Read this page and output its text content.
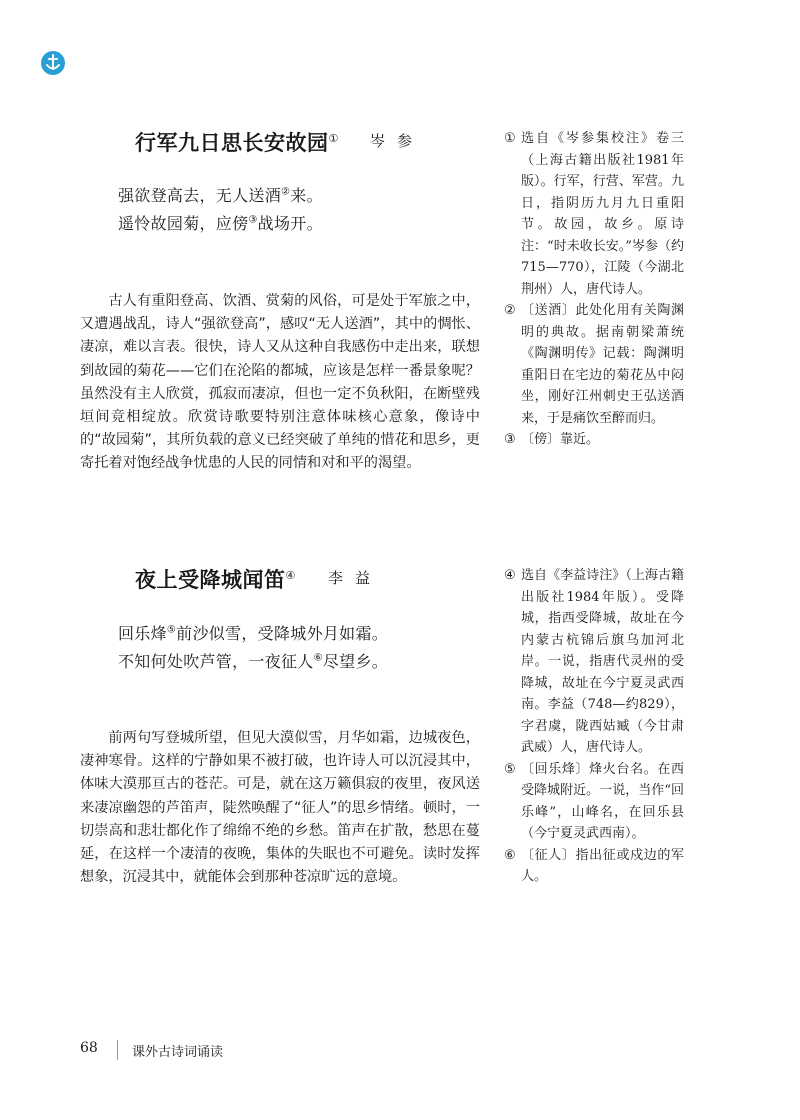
行军九日思长安故园① 岑参
强欲登高去，无人送酒②来。
遥怜故园菊，应傍③战场开。

古人有重阳登高、饮酒、赏菊的风俗，可是处于军旅之中，又遭遇战乱，诗人“强欲登高”，感叹“无人送酒”，其中的惆怅、凄凉，难以言表。很快，诗人又从这种自我感伤中走出来，联想到故园的菊花——它们在沦陷的都城，应该是怎样一番景象呢？虽然没有主人欣赏，孤寂而凄凉，但也一定不负秋阳，在断壁残垣间竞相绽放。欣赏诗歌要特别注意体味核心意象，像诗中的“故园菊”，其所负载的意义已经突破了单纯的惜花和思乡，更寄托着对饱经战争忧患的人民的同情和对和平的渴望。

① 选自《岑参集校注》卷三（上海古籍出版社1981年版）。行军，行营、军营。九日，指阴历九月九日重阳节。故园，故乡。原诗注：“时未收长安。”岑参（约715—770），江陵（今湖北荆州）人，唐代诗人。
② 〔送酒〕此处化用有关陶渊明的典故。据南朝梁萧统《陶渊明传》记载：陶渊明重阳日在宅边的菊花丛中闷坐，刚好江州刺史王弘送酒来，于是痛饮至醉而归。
③ 〔傍〕靠近。
夜上受降城闻笛④ 李益
回乐烽⑤前沙似雪，受降城外月如霜。
不知何处吹芦管，一夜征人⑥尽望乡。

前两句写登城所望，但见大漠似雪，月华如霜，边城夜色，凄神寒骨。这样的宁静如果不被打破，也许诗人可以沉浸其中，体味大漠那亘古的苍茫。可是，就在这万籁俱寂的夜里，夜风送来凄凉幽怨的芦笛声，陡然唤醒了“征人”的思乡情绪。顿时，一切崇高和悲壮都化作了绵绵不绝的乡愁。笛声在扩散，愁思在蔓延，在这样一个凄清的夜晚，集体的失眠也不可避免。读时发挥想象，沉浸其中，就能体会到那种苍凉旷远的意境。

④ 选自《李益诗注》（上海古籍出版社1984年版）。受降城，指西受降城，故址在今内蒙古杭锦后旗乌加河北岸。一说，指唐代灵州的受降城，故址在今宁夏灵武西南。李益（748—约829），字君虞，陇西姑臧（今甘肃武威）人，唐代诗人。
⑤ 〔回乐烽〕烽火台名。在西受降城附近。一说，当作“回乐峰”，山峰名，在回乐县（今宁夏灵武西南）。
⑥ 〔征人〕指出征或戍边的军人。
68	课外古诗词诵读
